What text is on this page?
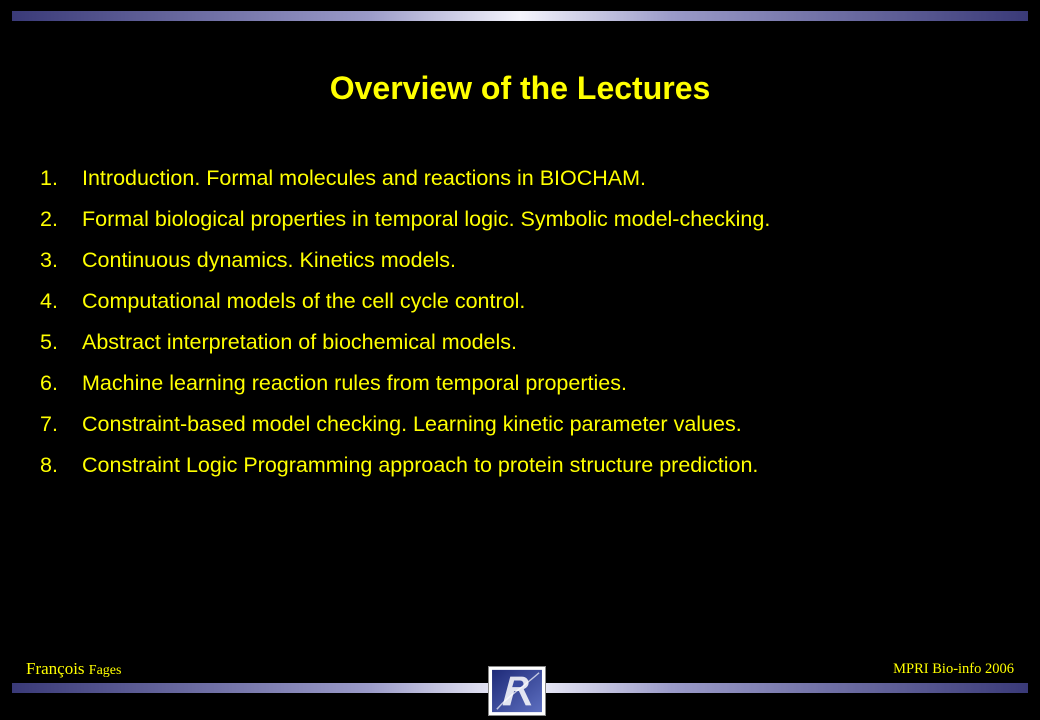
Overview of the Lectures
1.	Introduction. Formal molecules and reactions in BIOCHAM.
2.	Formal biological properties in temporal logic. Symbolic model-checking.
3.	Continuous dynamics. Kinetics models.
4.	Computational models of the cell cycle control.
5.	Abstract interpretation of biochemical models.
6.	Machine learning reaction rules from temporal properties.
7.	Constraint-based model checking. Learning kinetic parameter values.
8.	Constraint Logic Programming approach to protein structure prediction.
François Fages	MPRI Bio-info 2006
